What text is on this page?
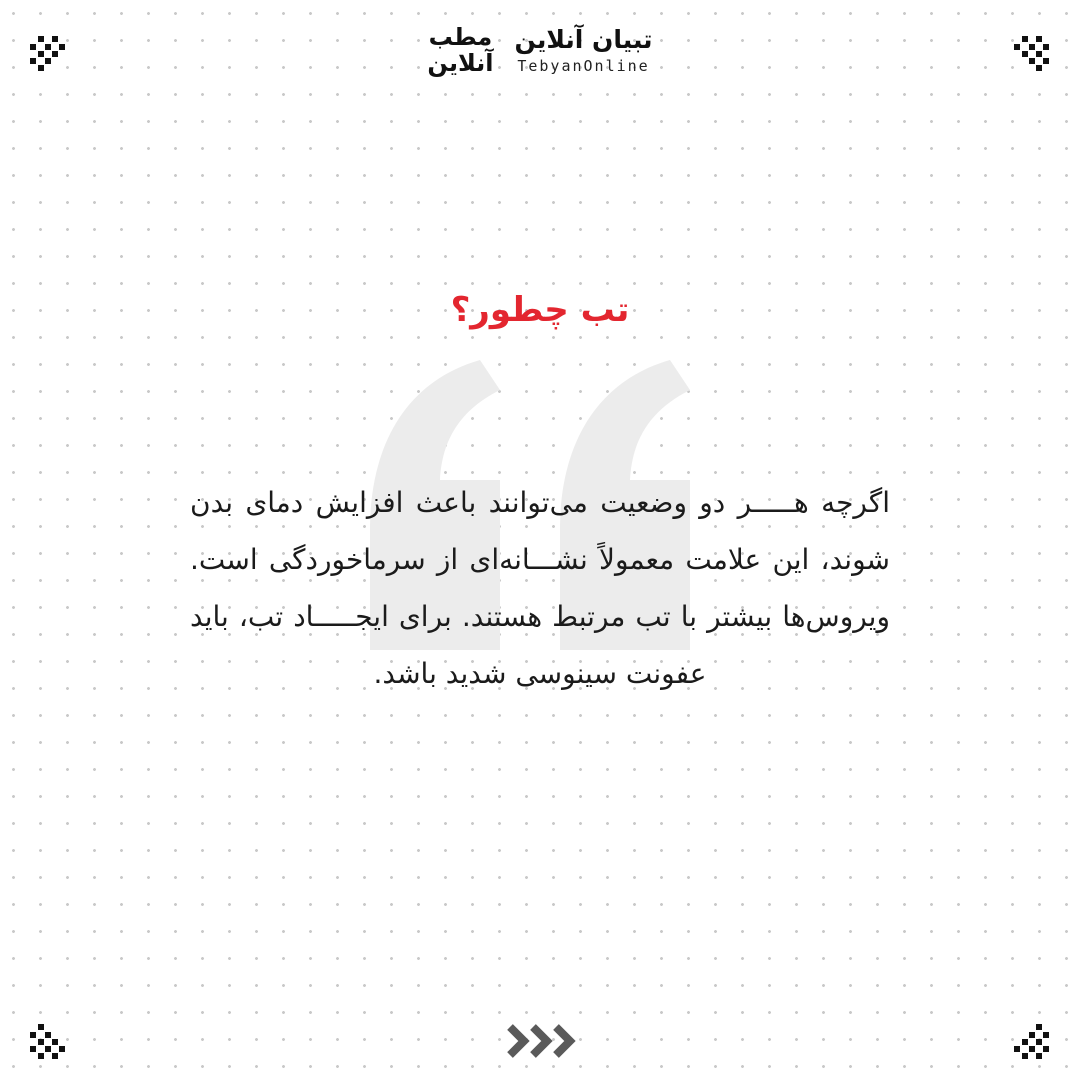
مطب
آنلاین
تبیان آنلاین
TebyanOnline
تب چطور؟
اگرچه هـــــر دو وضعیت می‌توانند باعث افزایش دمای بدن شوند، این علامت معمولاً نشـــانه‌ای از سرماخوردگی است. ویروس‌ها بیشتر با تب مرتبط هستند. برای ایجـــــاد تب، باید عفونت سینوسی شدید باشد.
